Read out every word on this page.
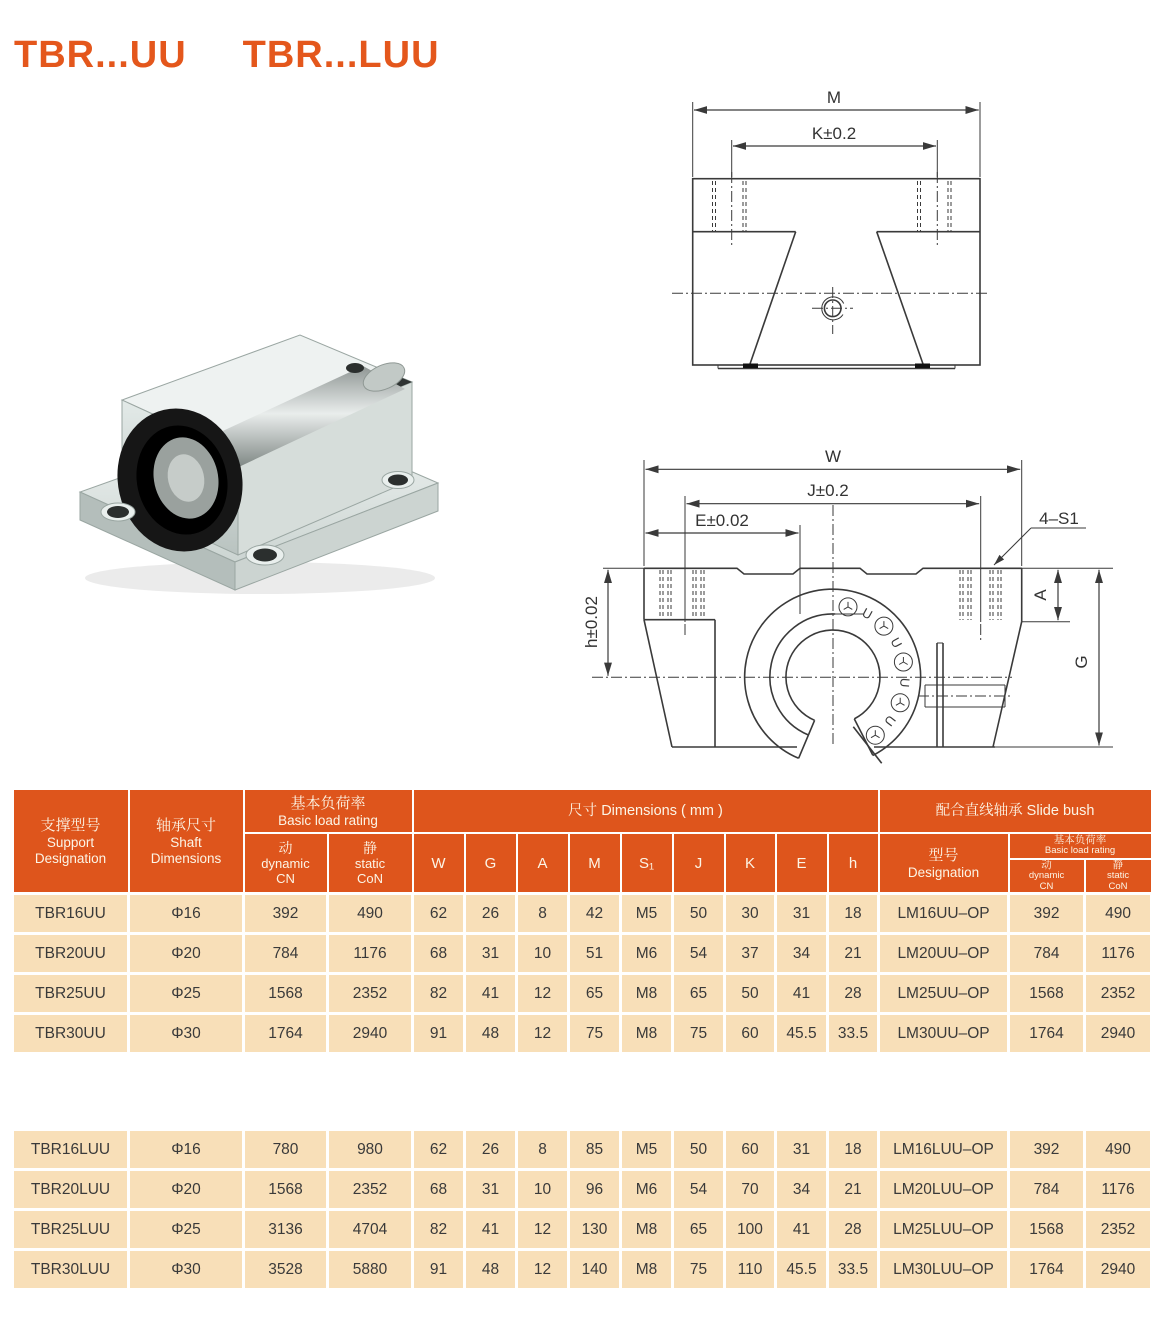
TBR...UU TBR...LUU
M
K±0.2
W
J±0.2
E±0.02	4–S1
U
U
U
U
h±0.02
A
G
支撑型号
Support
Designation

轴承尺寸
Shaft
Dimensions

基本负荷率
Basic load rating

尺寸 Dimensions ( mm )	配合直线轴承 Slide bush

动
dynamic
CN

静
static
CoN
	W	G	A	M	S₁	J	K	E	h	型号
Designation

基本负荷率
Basic load rating

动
dynamic
CN

静
static
CoN

TBR16UU	Φ16	392	490	62	26	8	42	M5	50	30	31	18	LM16UU–OP	392	490
TBR20UU	Φ20	784	1176	68	31	10	51	M6	54	37	34	21	LM20UU–OP	784	1176
TBR25UU	Φ25	1568	2352	82	41	12	65	M8	65	50	41	28	LM25UU–OP	1568	2352
TBR30UU	Φ30	1764	2940	91	48	12	75	M8	75	60	45.5	33.5	LM30UU–OP	1764	2940
TBR16LUU	Φ16	780	980	62	26	8	85	M5	50	60	31	18	LM16LUU–OP	392	490
TBR20LUU	Φ20	1568	2352	68	31	10	96	M6	54	70	34	21	LM20LUU–OP	784	1176
TBR25LUU	Φ25	3136	4704	82	41	12	130	M8	65	100	41	28	LM25LUU–OP	1568	2352
TBR30LUU	Φ30	3528	5880	91	48	12	140	M8	75	110	45.5	33.5	LM30LUU–OP	1764	2940
